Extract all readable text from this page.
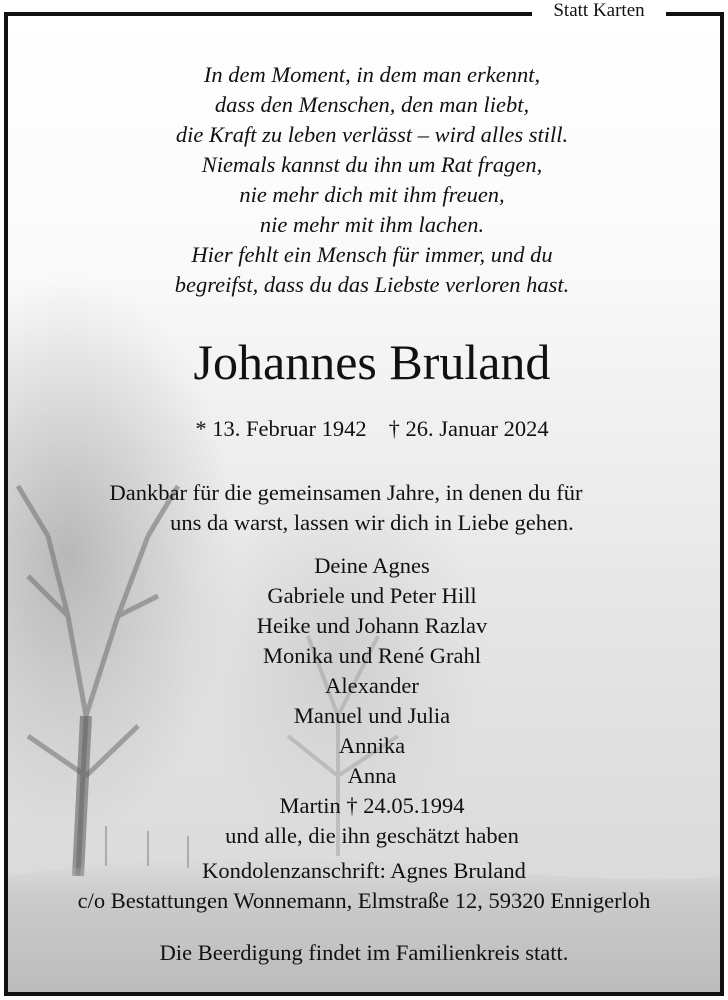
In dem Moment, in dem man erkennt,
dass den Menschen, den man liebt,
die Kraft zu leben verlässt – wird alles still.
Niemals kannst du ihn um Rat fragen,
nie mehr dich mit ihm freuen,
nie mehr mit ihm lachen.
Hier fehlt ein Mensch für immer, und du
begreifst, dass du das Liebste verloren hast.
Johannes Bruland
* 13. Februar 1942 † 26. Januar 2024
Dankbar für die gemeinsamen Jahre, in denen du für
uns da warst, lassen wir dich in Liebe gehen.
Deine Agnes
Gabriele und Peter Hill
Heike und Johann Razlav
Monika und René Grahl
Alexander
Manuel und Julia
Annika
Anna
Martin † 24.05.1994
und alle, die ihn geschätzt haben
Kondolenzanschrift: Agnes Bruland
c/o Bestattungen Wonnemann, Elmstraße 12, 59320 Ennigerloh
Die Beerdigung findet im Familienkreis statt.
Statt Karten
